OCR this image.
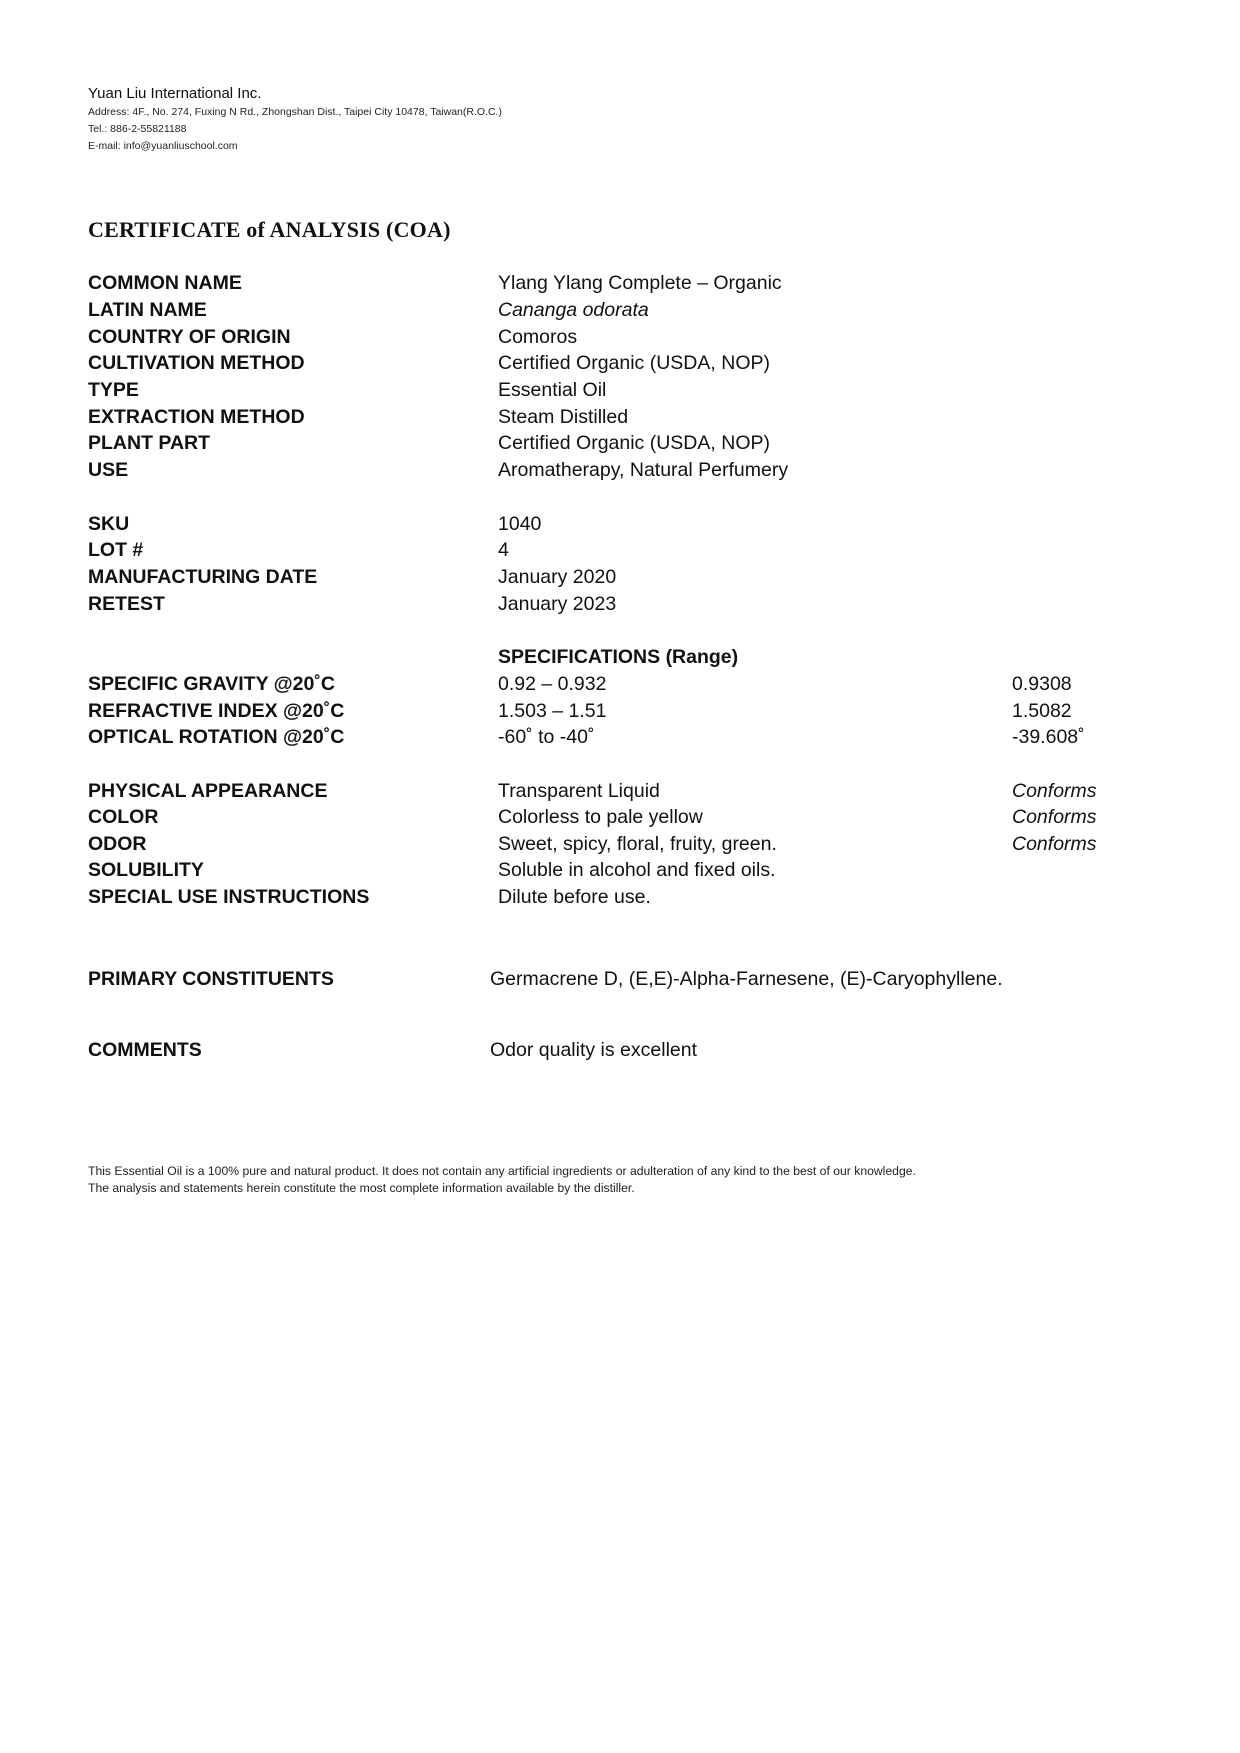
Yuan Liu International Inc.
Address: 4F., No. 274, Fuxing N Rd., Zhongshan Dist., Taipei City 10478, Taiwan(R.O.C.)
Tel.: 886-2-55821188
E-mail: info@yuanliuschool.com
CERTIFICATE of ANALYSIS (COA)
COMMON NAME	Ylang Ylang Complete – Organic
LATIN NAME	Cananga odorata
COUNTRY OF ORIGIN	Comoros
CULTIVATION METHOD	Certified Organic (USDA, NOP)
TYPE	Essential Oil
EXTRACTION METHOD	Steam Distilled
PLANT PART	Certified Organic (USDA, NOP)
USE	Aromatherapy, Natural Perfumery
SKU	1040
LOT #	4
MANUFACTURING DATE	January 2020
RETEST	January 2023
SPECIFICATIONS (Range)
SPECIFIC GRAVITY @20˚C	0.92 – 0.932	0.9308
REFRACTIVE INDEX @20˚C	1.503 – 1.51	1.5082
OPTICAL ROTATION @20˚C	-60˚ to -40˚	-39.608˚
PHYSICAL APPEARANCE	Transparent Liquid	Conforms
COLOR	Colorless to pale yellow	Conforms
ODOR	Sweet, spicy, floral, fruity, green.	Conforms
SOLUBILITY	Soluble in alcohol and fixed oils.
SPECIAL USE INSTRUCTIONS	Dilute before use.
PRIMARY CONSTITUENTS	Germacrene D, (E,E)-Alpha-Farnesene, (E)-Caryophyllene.
COMMENTS	Odor quality is excellent
This Essential Oil is a 100% pure and natural product. It does not contain any artificial ingredients or adulteration of any kind to the best of our knowledge.
The analysis and statements herein constitute the most complete information available by the distiller.
